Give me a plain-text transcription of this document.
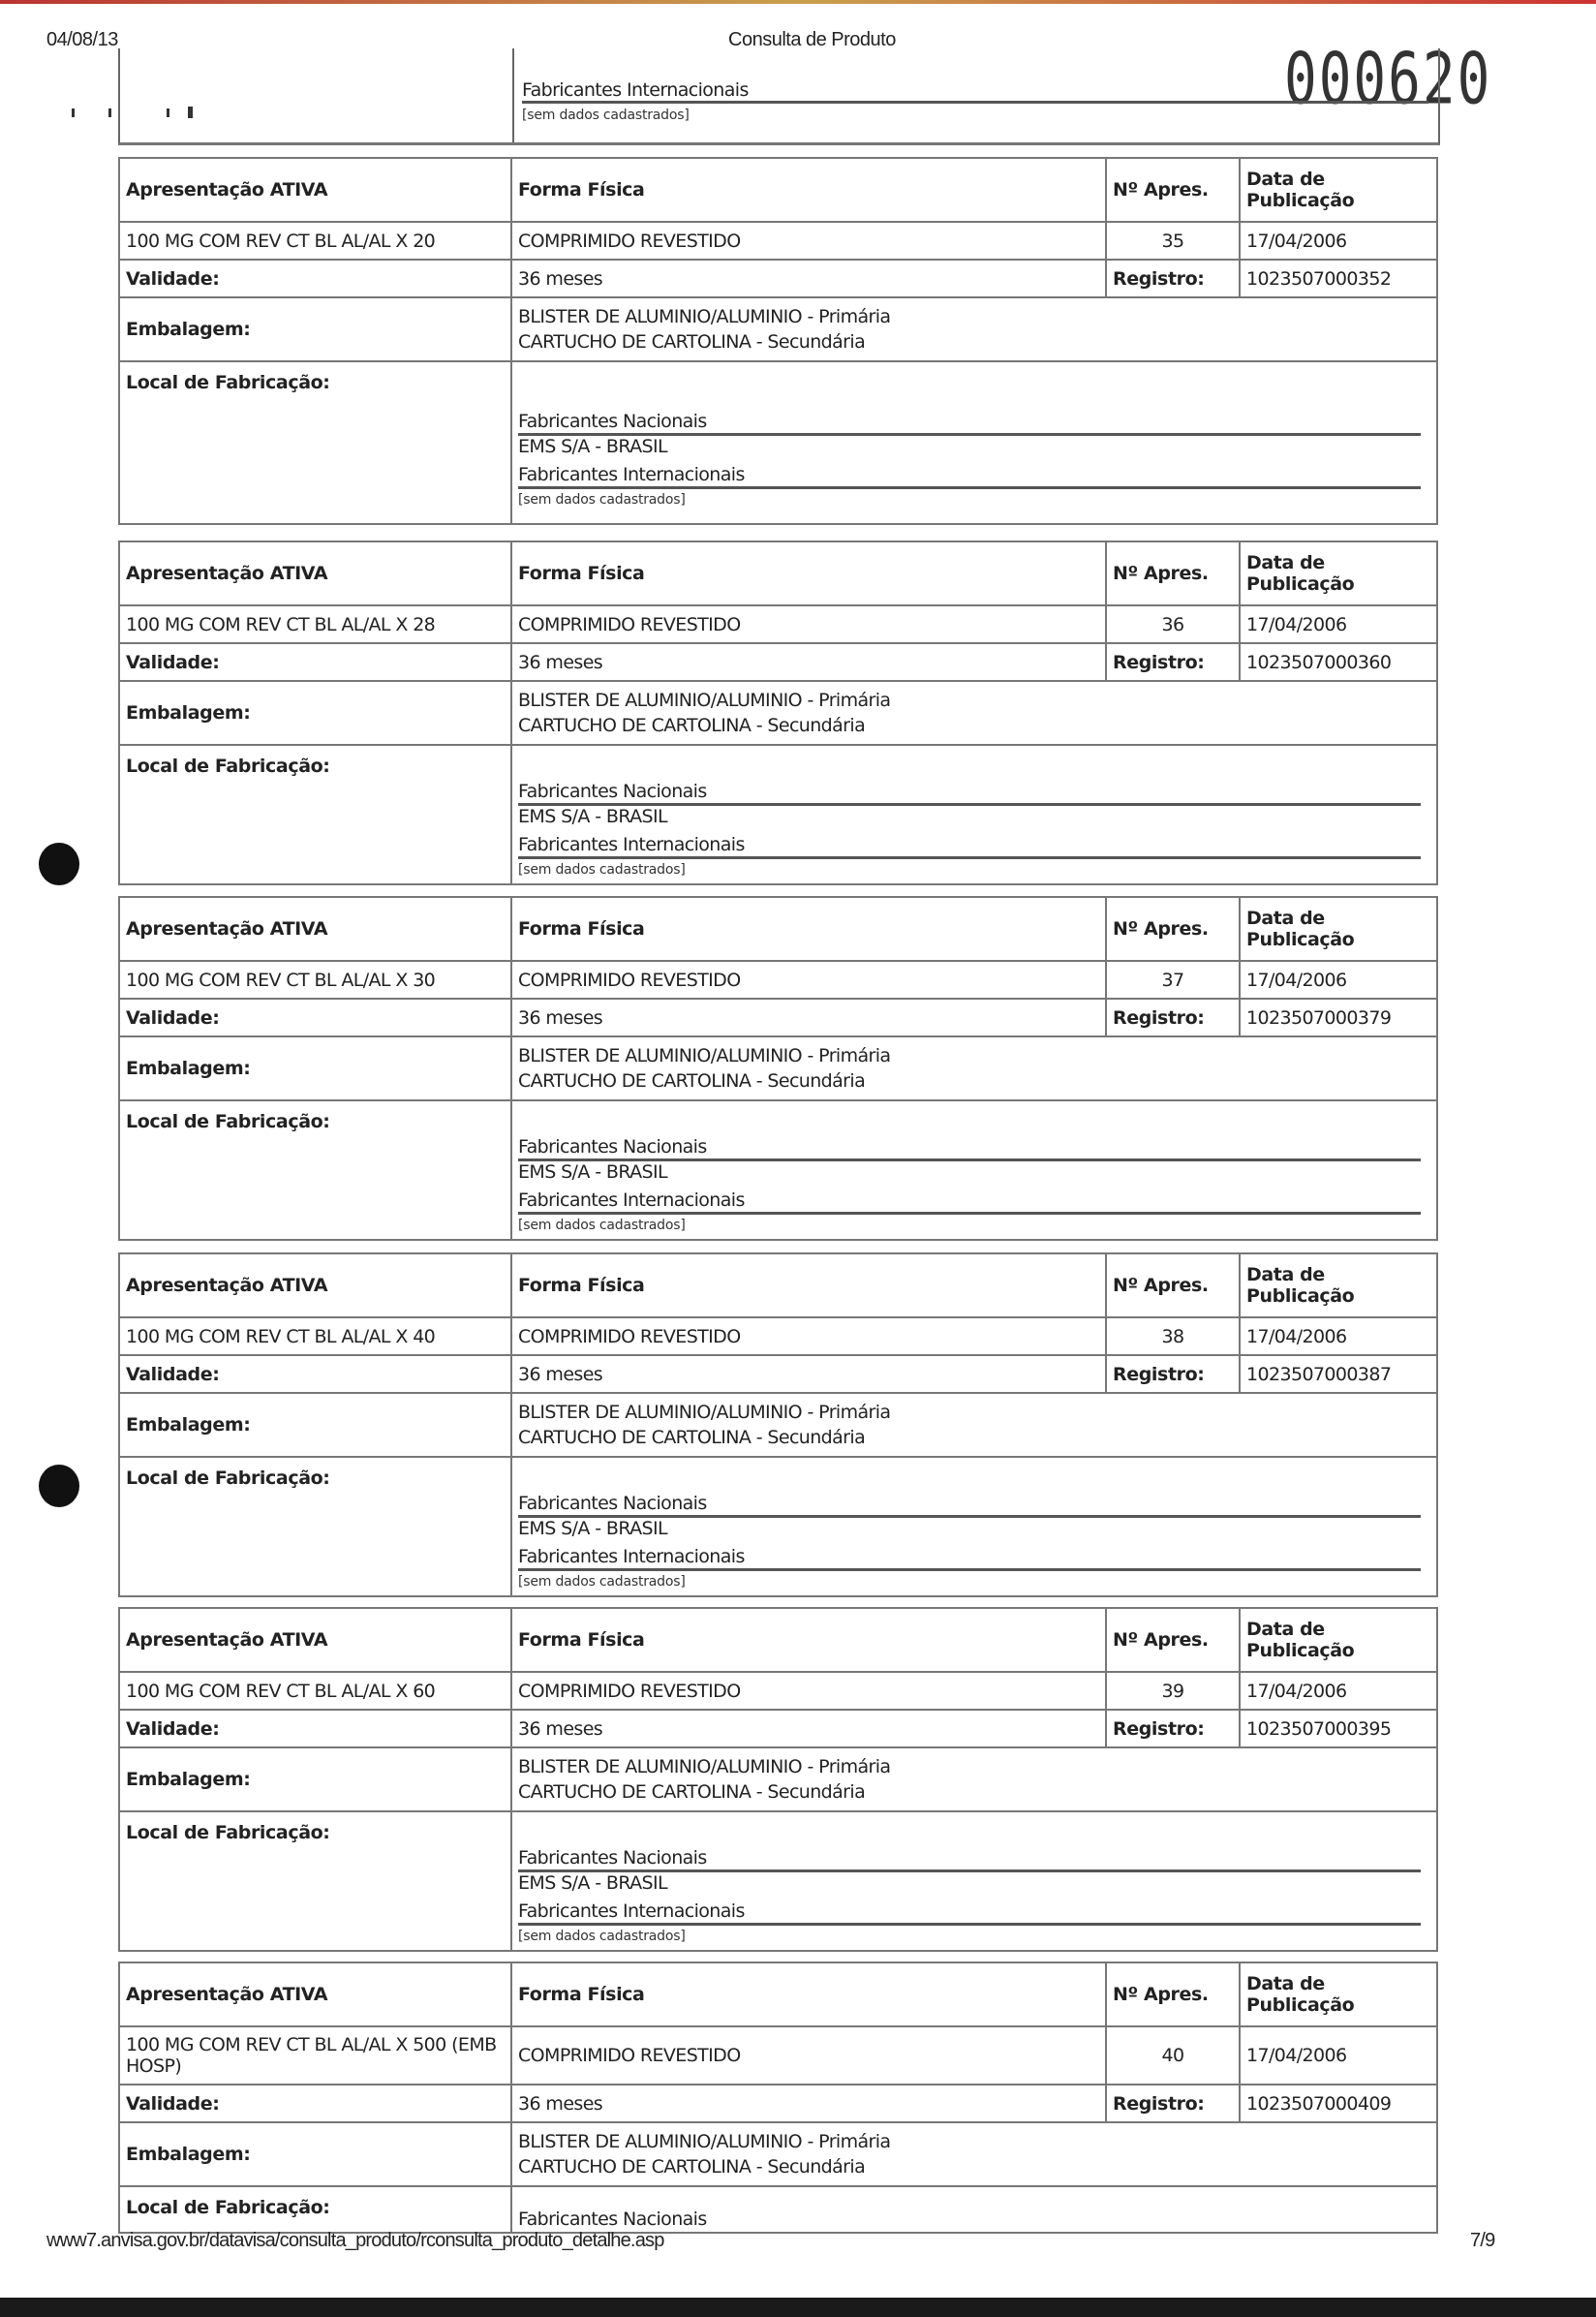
04/08/13	Consulta de Produto	000620
Fabricantes Internacionais
[sem dados cadastrados]
Apresentação ATIVA	Forma Física	Nº Apres.	Data de Publicação
100 MG COM REV CT BL AL/AL X 20	COMPRIMIDO REVESTIDO	35	17/04/2006
Validade:	36 meses	Registro:	1023507000352
Embalagem:	BLISTER DE ALUMINIO/ALUMINIO - Primária
CARTUCHO DE CARTOLINA - Secundária		

Local de Fabricação:	Fabricantes Nacionais
EMS S/A - BRASIL
Fabricantes Internacionais
[sem dados cadastrados]		
Apresentação ATIVA	Forma Física	Nº Apres.	Data de Publicação
100 MG COM REV CT BL AL/AL X 28	COMPRIMIDO REVESTIDO	36	17/04/2006
Validade:	36 meses	Registro:	1023507000360
Embalagem:	BLISTER DE ALUMINIO/ALUMINIO - Primária
CARTUCHO DE CARTOLINA - Secundária		

Local de Fabricação:	Fabricantes Nacionais
EMS S/A - BRASIL
Fabricantes Internacionais
[sem dados cadastrados]		
Apresentação ATIVA	Forma Física	Nº Apres.	Data de Publicação
100 MG COM REV CT BL AL/AL X 30	COMPRIMIDO REVESTIDO	37	17/04/2006
Validade:	36 meses	Registro:	1023507000379
Embalagem:	BLISTER DE ALUMINIO/ALUMINIO - Primária
CARTUCHO DE CARTOLINA - Secundária		

Local de Fabricação:	Fabricantes Nacionais
EMS S/A - BRASIL
Fabricantes Internacionais
[sem dados cadastrados]		
Apresentação ATIVA	Forma Física	Nº Apres.	Data de Publicação
100 MG COM REV CT BL AL/AL X 40	COMPRIMIDO REVESTIDO	38	17/04/2006
Validade:	36 meses	Registro:	1023507000387
Embalagem:	BLISTER DE ALUMINIO/ALUMINIO - Primária
CARTUCHO DE CARTOLINA - Secundária		

Local de Fabricação:	Fabricantes Nacionais
EMS S/A - BRASIL
Fabricantes Internacionais
[sem dados cadastrados]		
Apresentação ATIVA	Forma Física	Nº Apres.	Data de Publicação
100 MG COM REV CT BL AL/AL X 60	COMPRIMIDO REVESTIDO	39	17/04/2006
Validade:	36 meses	Registro:	1023507000395
Embalagem:	BLISTER DE ALUMINIO/ALUMINIO - Primária
CARTUCHO DE CARTOLINA - Secundária		

Local de Fabricação:	Fabricantes Nacionais
EMS S/A - BRASIL
Fabricantes Internacionais
[sem dados cadastrados]		
Apresentação ATIVA	Forma Física	Nº Apres.	Data de Publicação
100 MG COM REV CT BL AL/AL X 500 (EMB HOSP)	COMPRIMIDO REVESTIDO	40	17/04/2006
Validade:	36 meses	Registro:	1023507000409
Embalagem:	BLISTER DE ALUMINIO/ALUMINIO - Primária
CARTUCHO DE CARTOLINA - Secundária		

Local de Fabricação:	Fabricantes Nacionais		
www7.anvisa.gov.br/datavisa/consulta_produto/rconsulta_produto_detalhe.asp	7/9
